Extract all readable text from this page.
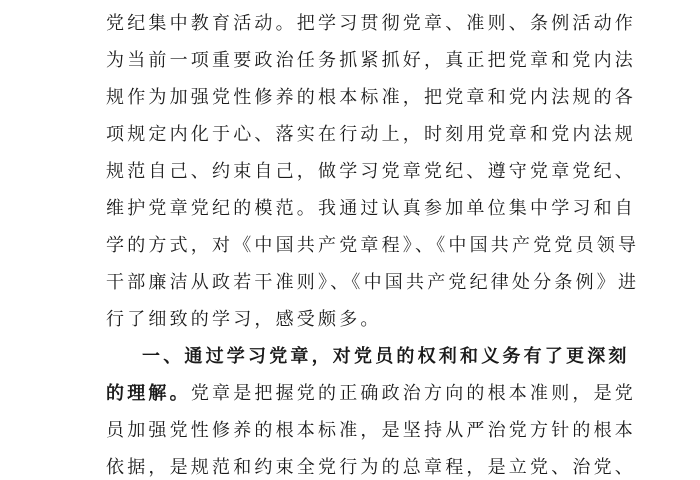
党纪集中教育活动。把学习贯彻党章、准则、条例活动作
为当前一项重要政治任务抓紧抓好，真正把党章和党内法
规作为加强党性修养的根本标准，把党章和党内法规的各
项规定内化于心、落实在行动上，时刻用党章和党内法规
规范自己、约束自己，做学习党章党纪、遵守党章党纪、
维护党章党纪的模范。我通过认真参加单位集中学习和自
学的方式，对《中国共产党章程》、《中国共产党党员领导
干部廉洁从政若干准则》、《中国共产党纪律处分条例》进
行了细致的学习，感受颇多。
一、通过学习党章，对党员的权利和义务有了更深刻
的理解。党章是把握党的正确政治方向的根本准则，是党
员加强党性修养的根本标准，是坚持从严治党方针的根本
依据，是规范和约束全党行为的总章程，是立党、治党、
